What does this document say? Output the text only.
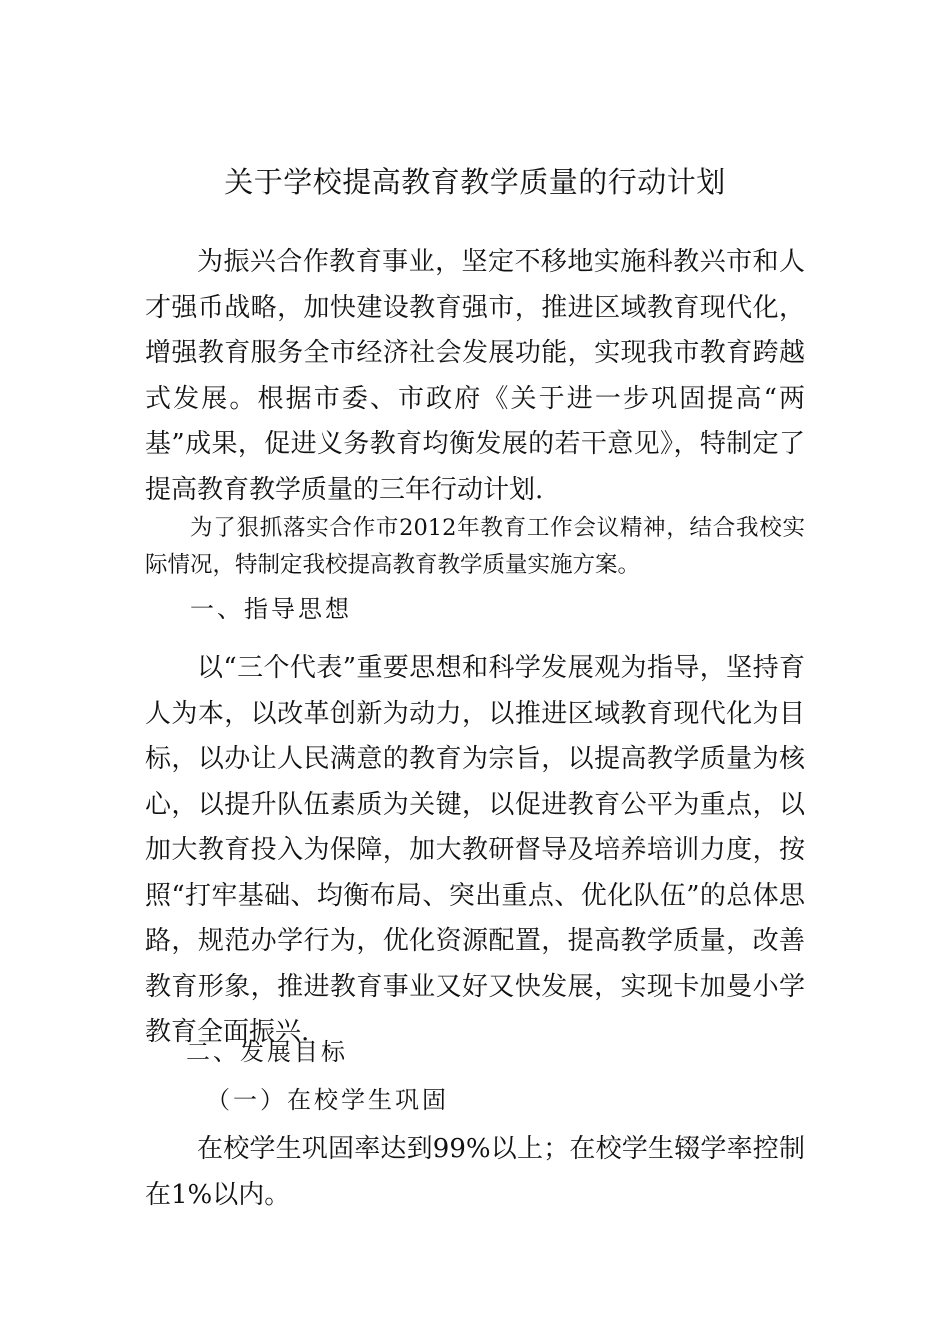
关于学校提高教育教学质量的行动计划

为振兴合作教育事业，坚定不移地实施科教兴市和人才强币战略，加快建设教育强市，推进区域教育现代化，增强教育服务全市经济社会发展功能，实现我市教育跨越式发展。根据市委、市政府《关于进一步巩固提高“两基”成果，促进义务教育均衡发展的若干意见》，特制定了提高教育教学质量的三年行动计划.

为了狠抓落实合作市2012年教育工作会议精神，结合我校实际情况，特制定我校提高教育教学质量实施方案。

一、指导思想

以“三个代表”重要思想和科学发展观为指导，坚持育人为本，以改革创新为动力，以推进区域教育现代化为目标，以办让人民满意的教育为宗旨，以提高教学质量为核心，以提升队伍素质为关键，以促进教育公平为重点，以加大教育投入为保障，加大教研督导及培养培训力度，按照“打牢基础、均衡布局、突出重点、优化队伍”的总体思路，规范办学行为，优化资源配置，提高教学质量，改善教育形象，推进教育事业又好又快发展，实现卡加曼小学教育全面振兴.

二、发展目标
（一）在校学生巩固

在校学生巩固率达到99%以上；在校学生辍学率控制在1%以内。
